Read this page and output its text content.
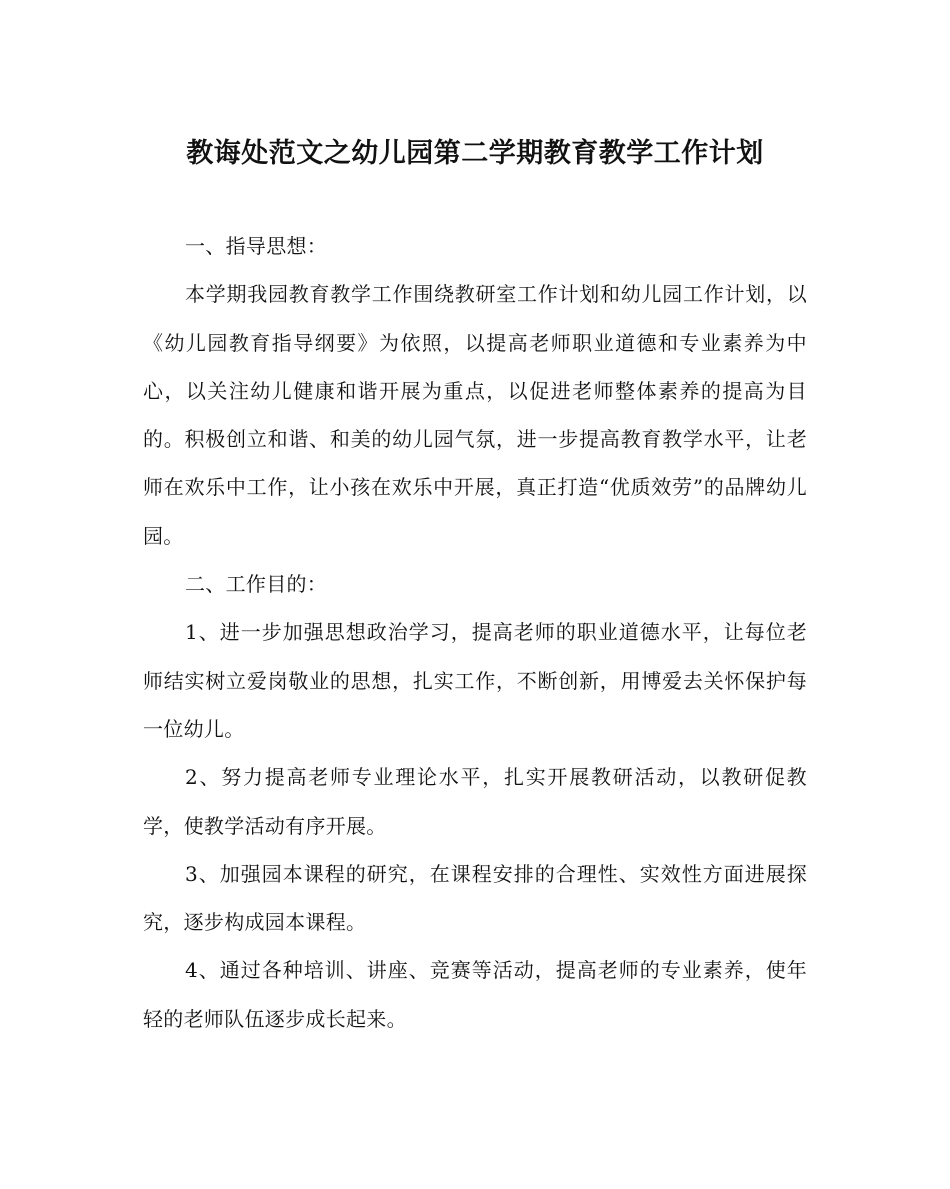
教诲处范文之幼儿园第二学期教育教学工作计划

一、指导思想：

本学期我园教育教学工作围绕教研室工作计划和幼儿园工作计划，以《幼儿园教育指导纲要》为依照，以提高老师职业道德和专业素养为中心，以关注幼儿健康和谐开展为重点，以促进老师整体素养的提高为目的。积极创立和谐、和美的幼儿园气氛，进一步提高教育教学水平，让老师在欢乐中工作，让小孩在欢乐中开展，真正打造“优质效劳”的品牌幼儿园。

二、工作目的：

1、进一步加强思想政治学习，提高老师的职业道德水平，让每位老师结实树立爱岗敬业的思想，扎实工作，不断创新，用博爱去关怀保护每一位幼儿。

2、努力提高老师专业理论水平，扎实开展教研活动，以教研促教学，使教学活动有序开展。

3、加强园本课程的研究，在课程安排的合理性、实效性方面进展探究，逐步构成园本课程。

4、通过各种培训、讲座、竞赛等活动，提高老师的专业素养，使年轻的老师队伍逐步成长起来。
